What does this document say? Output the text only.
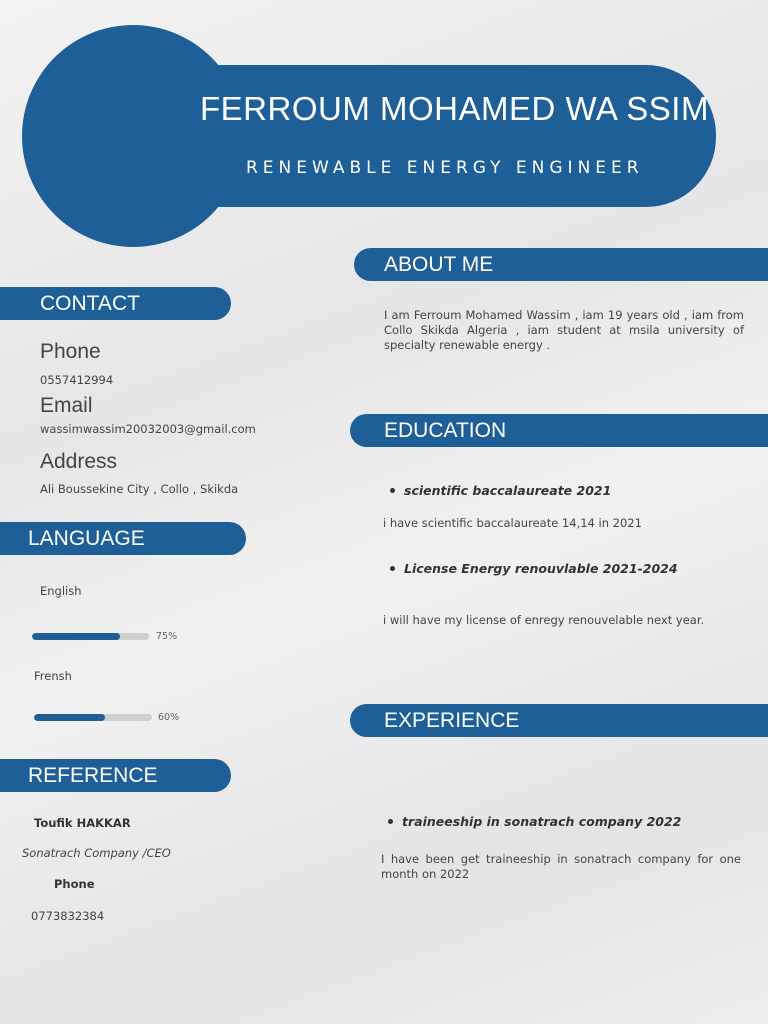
FERROUM MOHAMED WA SSIM
RENEWABLE ENERGY ENGINEER
CONTACT
Phone
0557412994
Email
wassimwassim20032003@gmail.com
Address
Ali Boussekine City , Collo , Skikda
LANGUAGE
English
75%
Frensh
60%
REFERENCE
Toufik HAKKAR
Sonatrach Company /CEO
Phone
0773832384
ABOUT ME
I am Ferroum Mohamed Wassim , iam 19 years old , iam from Collo Skikda Algeria , iam student at msila university of specialty renewable energy .
EDUCATION
scientific baccalaureate 2021
i have scientific baccalaureate 14,14 in 2021
License Energy renouvlable 2021-2024
i will have my license of enregy renouvelable next year.
EXPERIENCE
traineeship in sonatrach company 2022
I have been get traineeship in sonatrach company for one month on 2022
